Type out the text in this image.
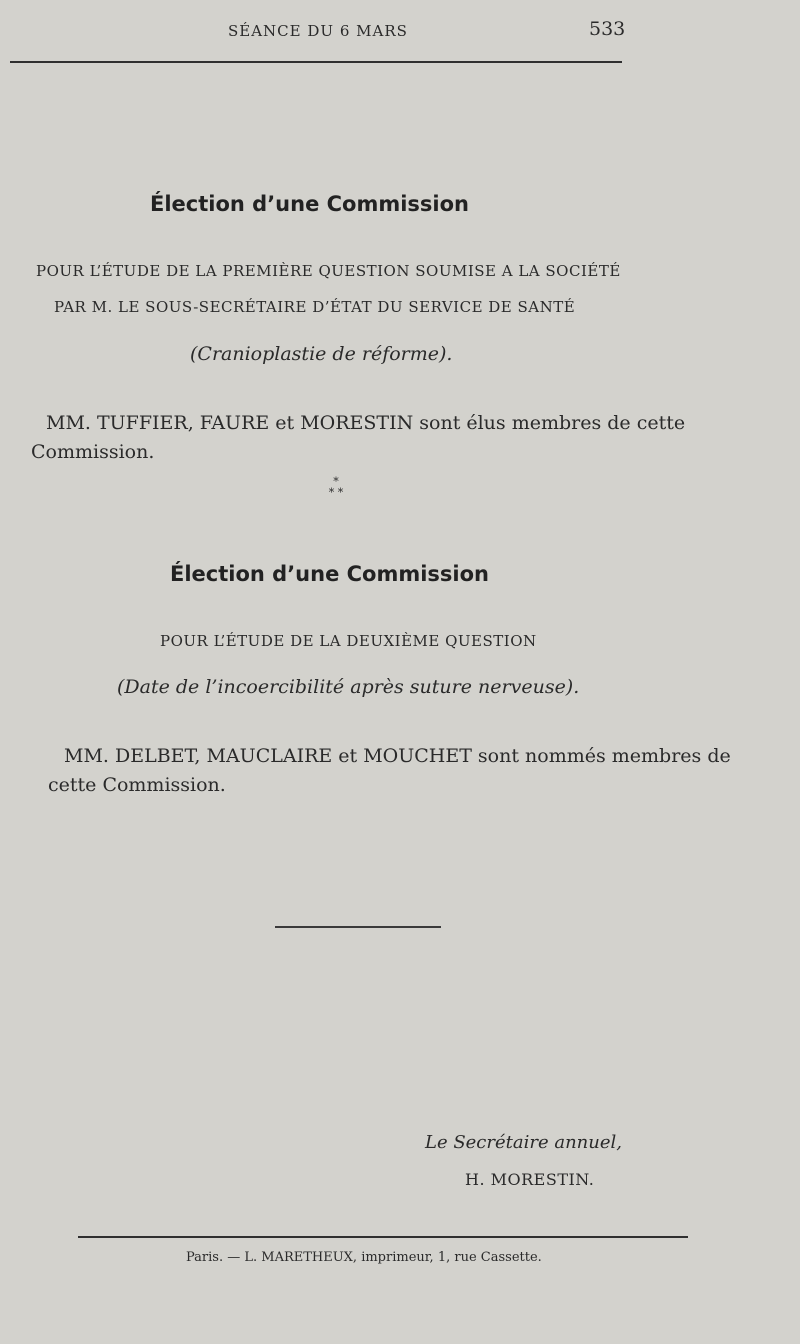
SÉANCE DU 6 MARS	533
Élection d’une Commission
POUR L’ÉTUDE DE LA PREMIÈRE QUESTION SOUMISE A LA SOCIÉTÉ
PAR M. LE SOUS-SECRÉTAIRE D’ÉTAT DU SERVICE DE SANTÉ
(Cranioplastie de réforme).
MM. TUFFIER, FAURE et MORESTIN sont élus membres de cette
Commission.
*
* *
Élection d’une Commission
POUR L’ÉTUDE DE LA DEUXIÈME QUESTION
(Date de l’incoercibilité après suture nerveuse).
MM. DELBET, MAUCLAIRE et MOUCHET sont nommés membres de
cette Commission.
Le Secrétaire annuel,
H. MORESTIN.
Paris. — L. MARETHEUX, imprimeur, 1, rue Cassette.
